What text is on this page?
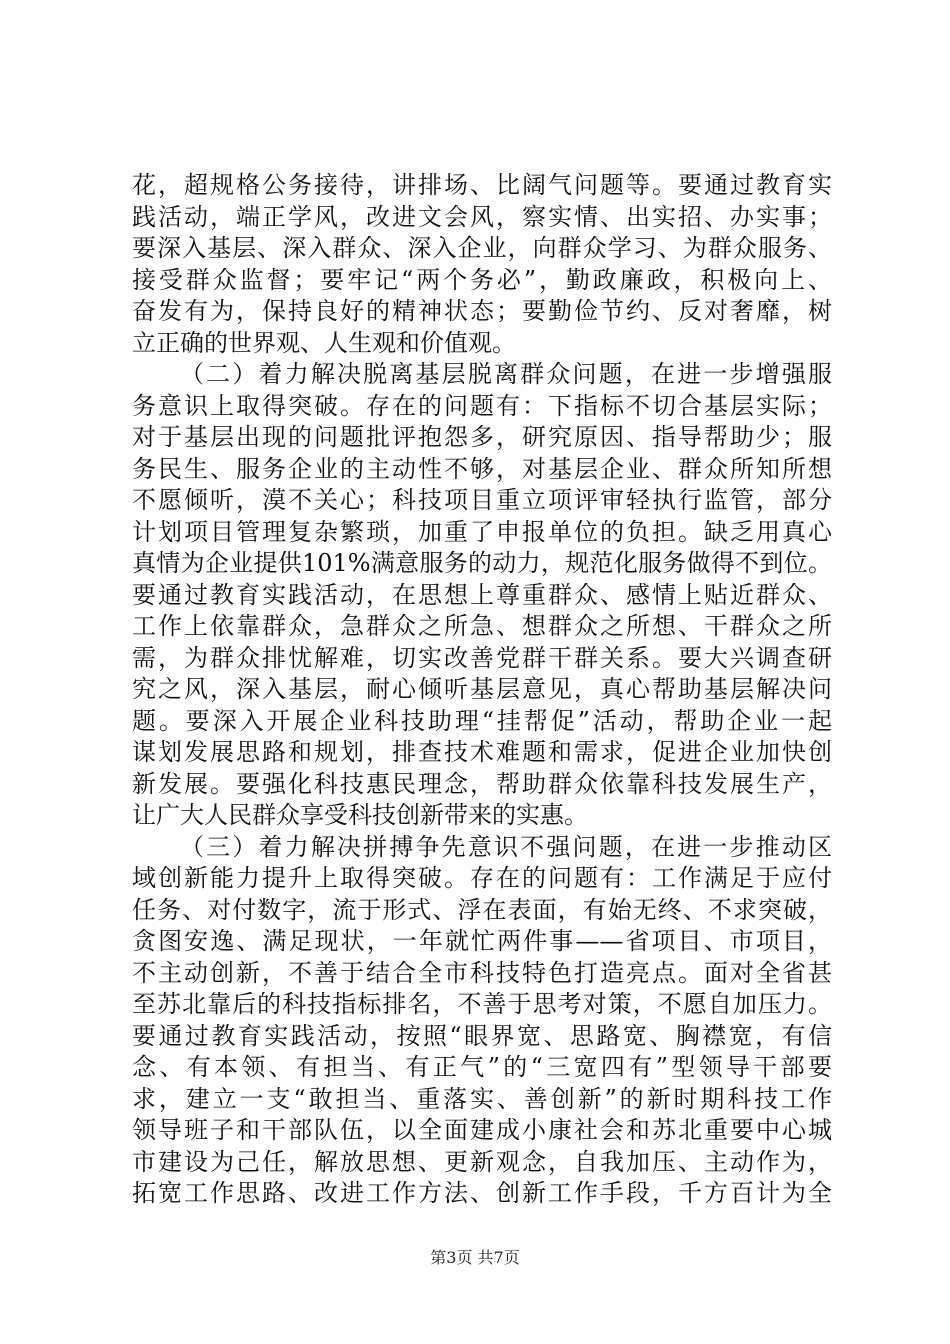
花，超规格公务接待，讲排场、比阔气问题等。要通过教育实
践活动，端正学风，改进文会风，察实情、出实招、办实事；
要深入基层、深入群众、深入企业，向群众学习、为群众服务、
接受群众监督；要牢记“两个务必”，勤政廉政，积极向上、
奋发有为，保持良好的精神状态；要勤俭节约、反对奢靡，树
立正确的世界观、人生观和价值观。
（二）着力解决脱离基层脱离群众问题，在进一步增强服
务意识上取得突破。存在的问题有：下指标不切合基层实际；
对于基层出现的问题批评抱怨多，研究原因、指导帮助少；服
务民生、服务企业的主动性不够，对基层企业、群众所知所想
不愿倾听，漠不关心；科技项目重立项评审轻执行监管，部分
计划项目管理复杂繁琐，加重了申报单位的负担。缺乏用真心
真情为企业提供101%满意服务的动力，规范化服务做得不到位。
要通过教育实践活动，在思想上尊重群众、感情上贴近群众、
工作上依靠群众，急群众之所急、想群众之所想、干群众之所
需，为群众排忧解难，切实改善党群干群关系。要大兴调查研
究之风，深入基层，耐心倾听基层意见，真心帮助基层解决问
题。要深入开展企业科技助理“挂帮促”活动，帮助企业一起
谋划发展思路和规划，排查技术难题和需求，促进企业加快创
新发展。要强化科技惠民理念，帮助群众依靠科技发展生产，
让广大人民群众享受科技创新带来的实惠。
（三）着力解决拼搏争先意识不强问题，在进一步推动区
域创新能力提升上取得突破。存在的问题有：工作满足于应付
任务、对付数字，流于形式、浮在表面，有始无终、不求突破，
贪图安逸、满足现状，一年就忙两件事——省项目、市项目，
不主动创新，不善于结合全市科技特色打造亮点。面对全省甚
至苏北靠后的科技指标排名，不善于思考对策，不愿自加压力。
要通过教育实践活动，按照“眼界宽、思路宽、胸襟宽，有信
念、有本领、有担当、有正气”的“三宽四有”型领导干部要
求，建立一支“敢担当、重落实、善创新”的新时期科技工作
领导班子和干部队伍，以全面建成小康社会和苏北重要中心城
市建设为己任，解放思想、更新观念，自我加压、主动作为，
拓宽工作思路、改进工作方法、创新工作手段，千方百计为全
第3页 共7页
